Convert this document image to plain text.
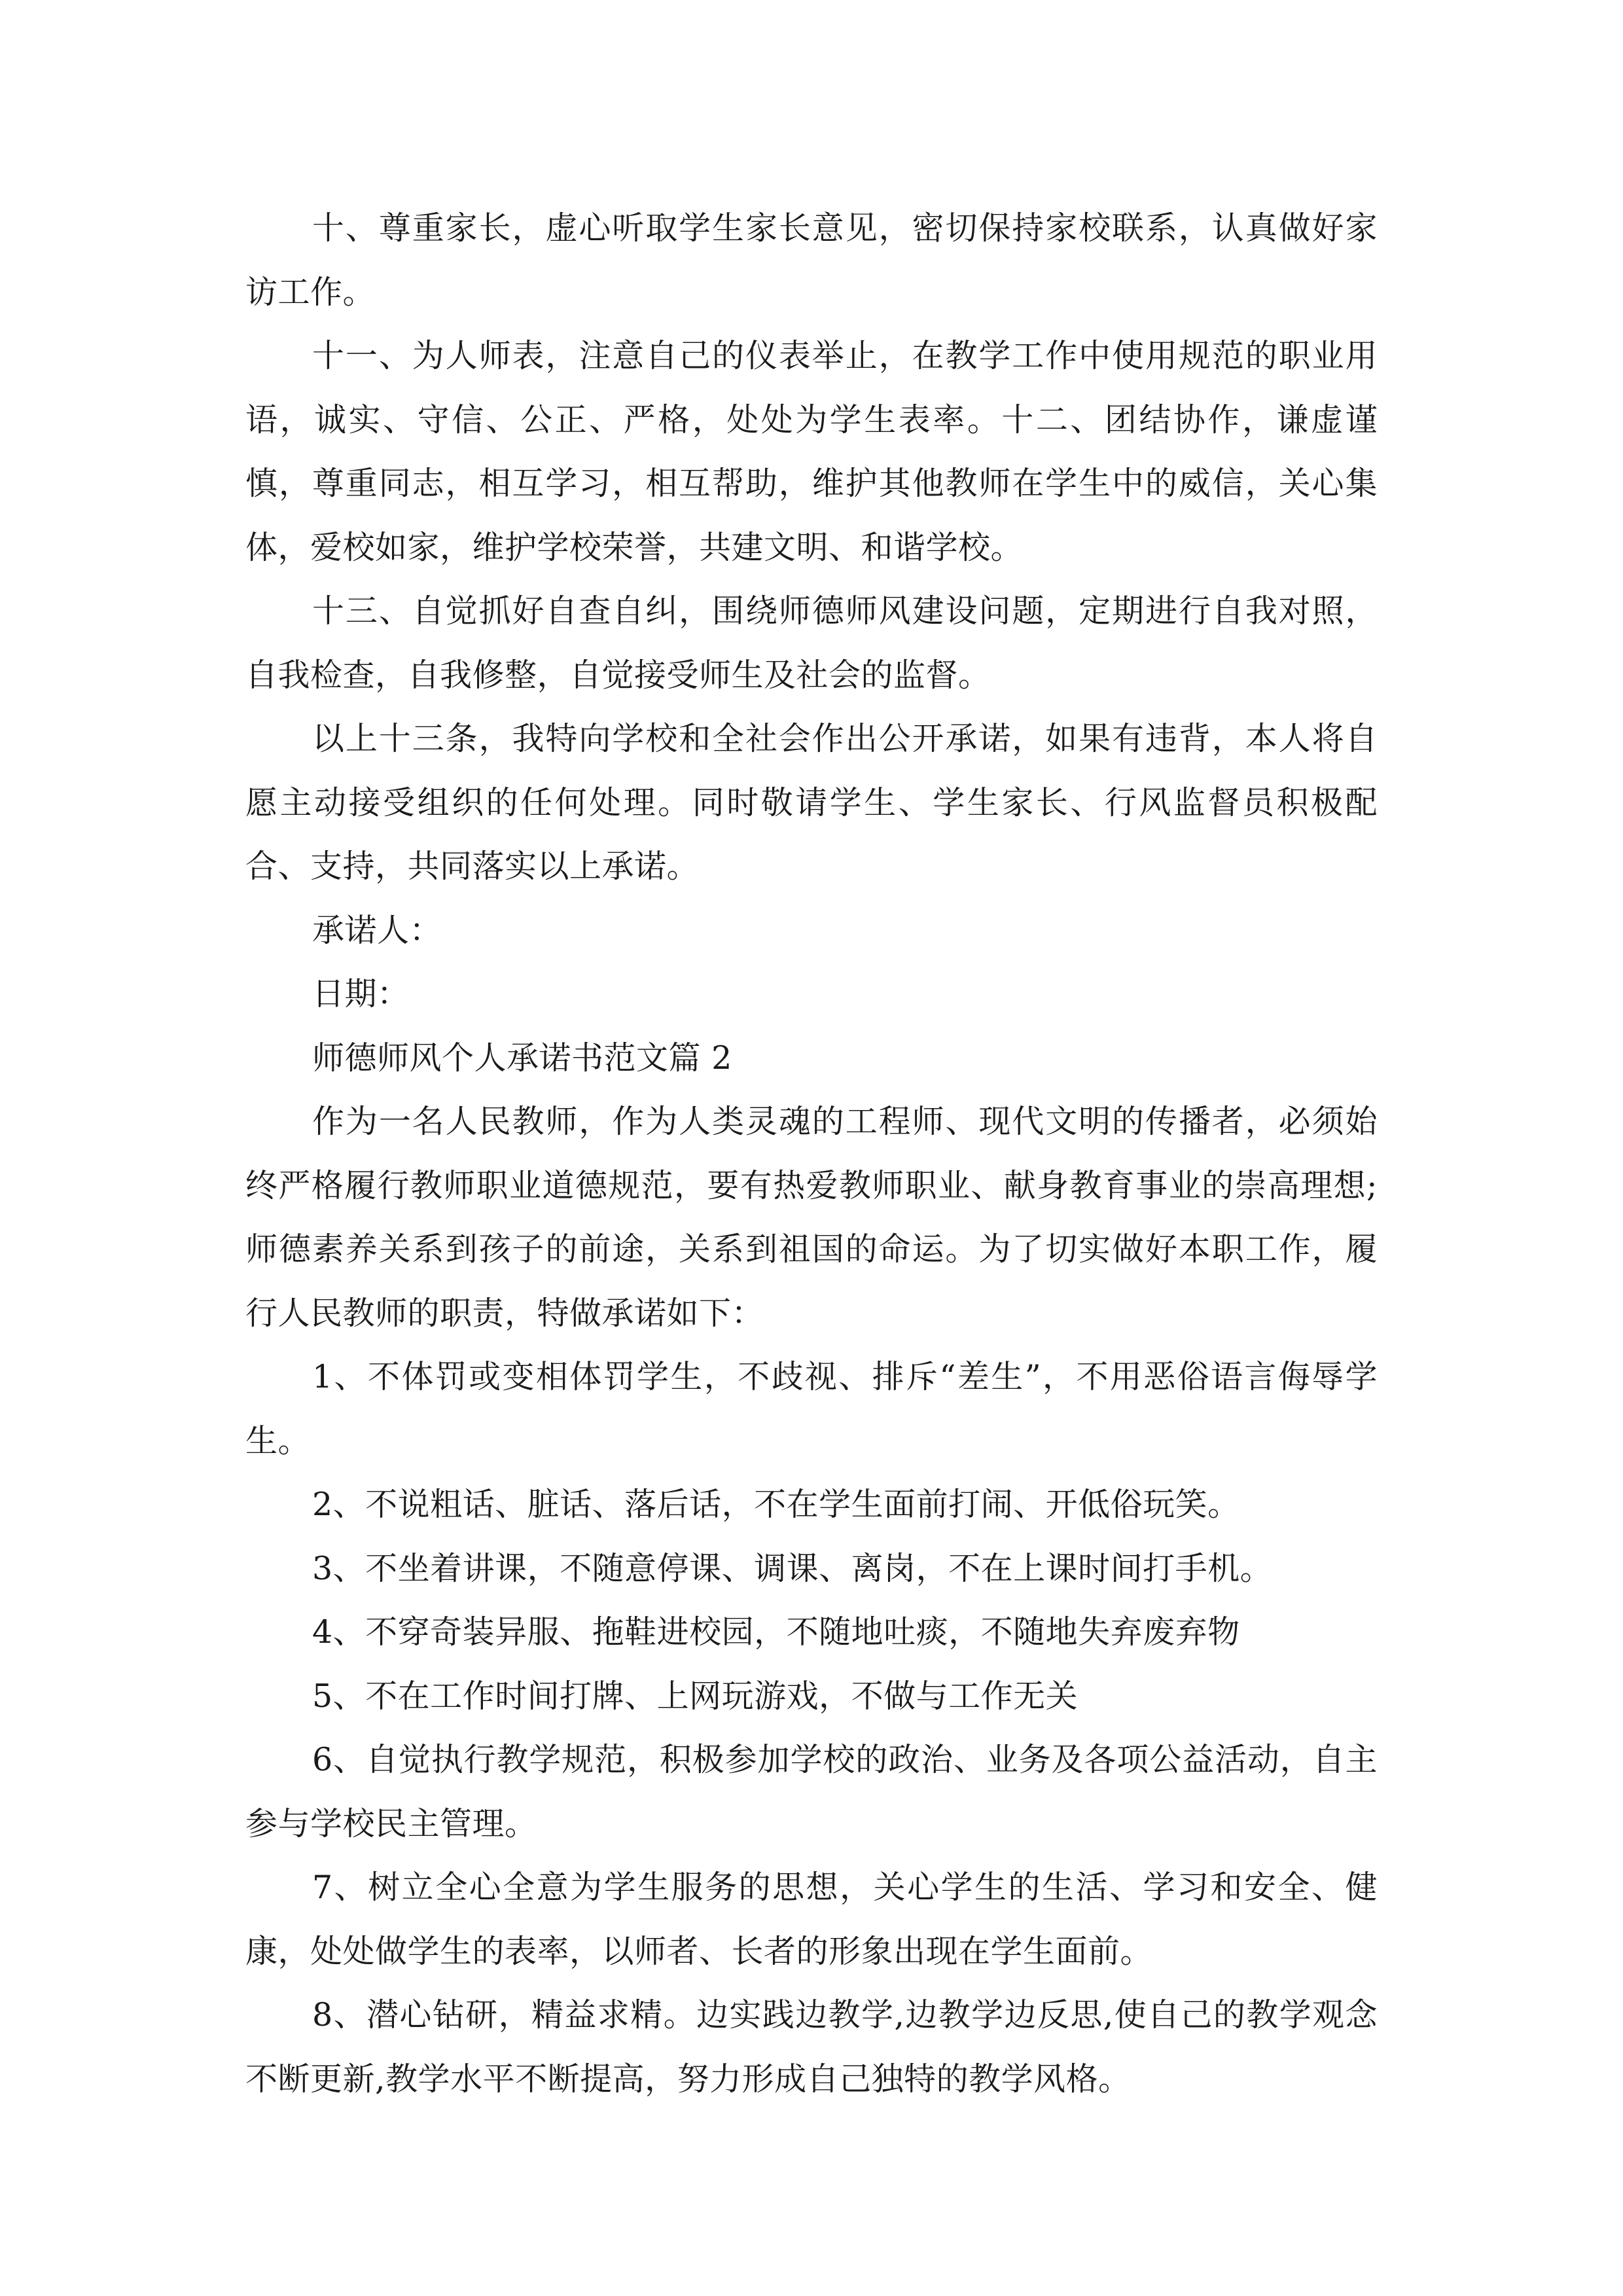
十、尊重家长，虚心听取学生家长意见，密切保持家校联系，认真做好家访工作。

十一、为人师表，注意自己的仪表举止，在教学工作中使用规范的职业用语，诚实、守信、公正、严格，处处为学生表率。十二、团结协作，谦虚谨慎，尊重同志，相互学习，相互帮助，维护其他教师在学生中的威信，关心集体，爱校如家，维护学校荣誉，共建文明、和谐学校。

十三、自觉抓好自查自纠，围绕师德师风建设问题，定期进行自我对照，自我检查，自我修整，自觉接受师生及社会的监督。

以上十三条，我特向学校和全社会作出公开承诺，如果有违背，本人将自愿主动接受组织的任何处理。同时敬请学生、学生家长、行风监督员积极配合、支持，共同落实以上承诺。

承诺人：

日期：

师德师风个人承诺书范文篇 2

作为一名人民教师，作为人类灵魂的工程师、现代文明的传播者，必须始终严格履行教师职业道德规范，要有热爱教师职业、献身教育事业的崇高理想;师德素养关系到孩子的前途，关系到祖国的命运。为了切实做好本职工作，履行人民教师的职责，特做承诺如下：

1、不体罚或变相体罚学生，不歧视、排斥“差生”，不用恶俗语言侮辱学生。

2、不说粗话、脏话、落后话，不在学生面前打闹、开低俗玩笑。

3、不坐着讲课，不随意停课、调课、离岗，不在上课时间打手机。

4、不穿奇装异服、拖鞋进校园，不随地吐痰，不随地失弃废弃物

5、不在工作时间打牌、上网玩游戏，不做与工作无关

6、自觉执行教学规范，积极参加学校的政治、业务及各项公益活动，自主参与学校民主管理。

7、树立全心全意为学生服务的思想，关心学生的生活、学习和安全、健康，处处做学生的表率，以师者、长者的形象出现在学生面前。

8、潜心钻研，精益求精。边实践边教学,边教学边反思,使自己的教学观念不断更新,教学水平不断提高，努力形成自己独特的教学风格。
